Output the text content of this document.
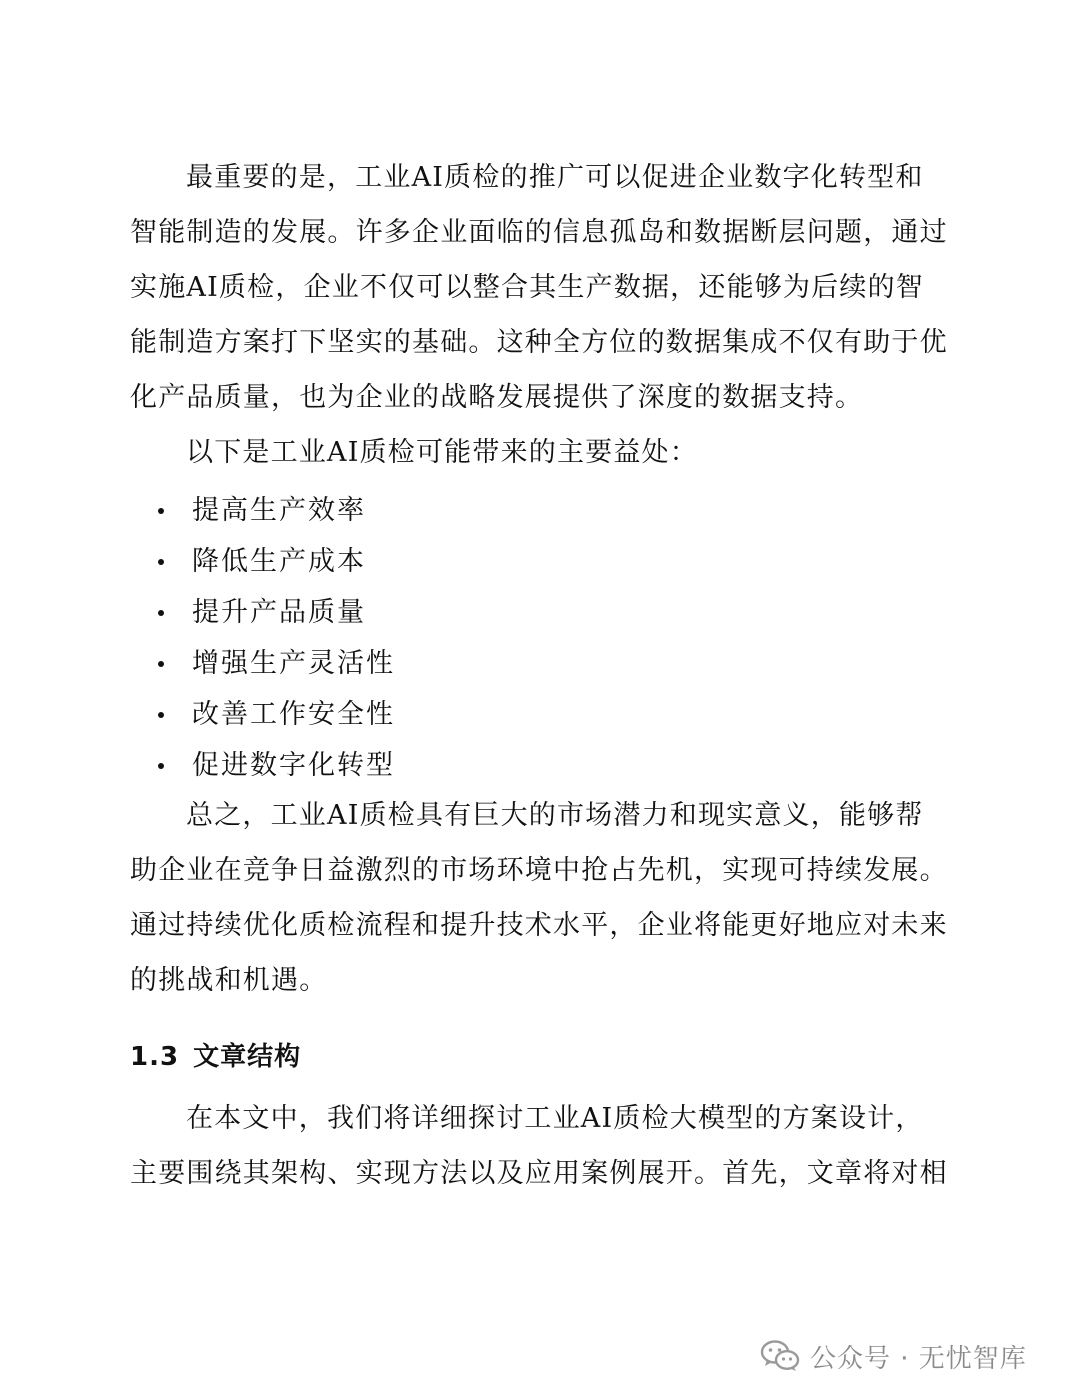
最重要的是，工业AI质检的推广可以促进企业数字化转型和
智能制造的发展。许多企业面临的信息孤岛和数据断层问题，通过
实施AI质检，企业不仅可以整合其生产数据，还能够为后续的智
能制造方案打下坚实的基础。这种全方位的数据集成不仅有助于优
化产品质量，也为企业的战略发展提供了深度的数据支持。
以下是工业AI质检可能带来的主要益处：
提高生产效率
降低生产成本
提升产品质量
增强生产灵活性
改善工作安全性
促进数字化转型
总之，工业AI质检具有巨大的市场潜力和现实意义，能够帮
助企业在竞争日益激烈的市场环境中抢占先机，实现可持续发展。
通过持续优化质检流程和提升技术水平，企业将能更好地应对未来
的挑战和机遇。
1.3 文章结构
在本文中，我们将详细探讨工业AI质检大模型的方案设计，
主要围绕其架构、实现方法以及应用案例展开。首先，文章将对相
公众号 · 无忧智库
